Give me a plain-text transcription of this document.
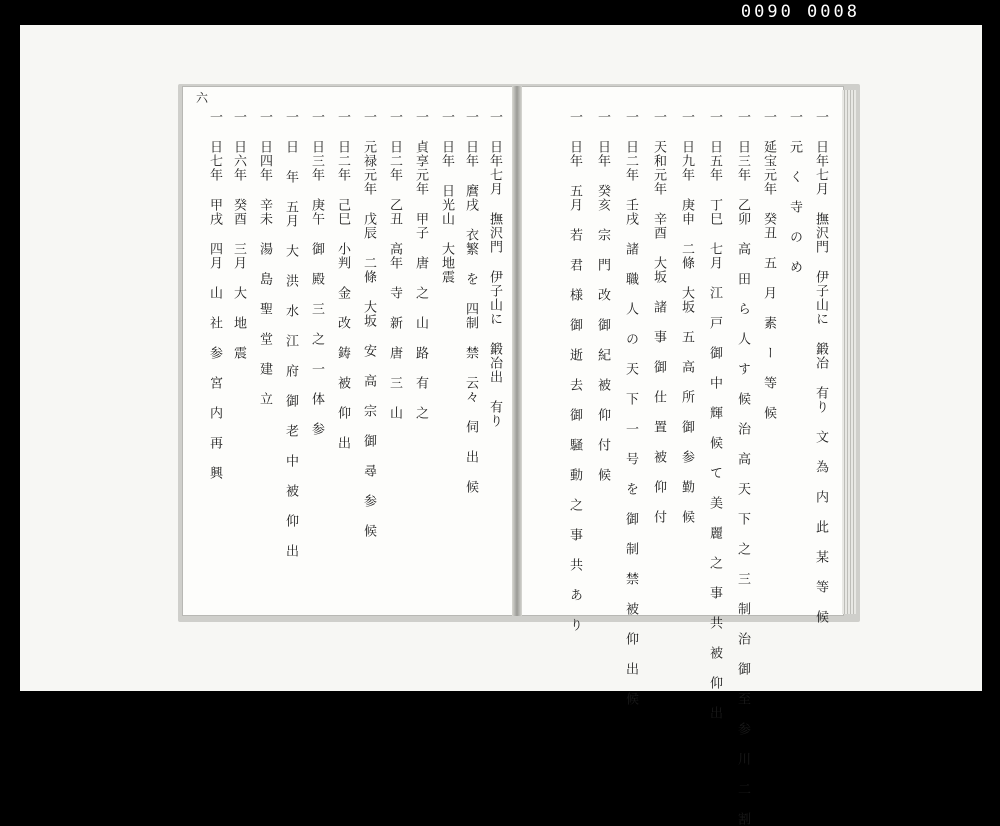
0090 0008
六
一 日年七月 撫沢門 伊子山に 鍛冶出 有り
一 日年 麿戌 衣繁 を 四制 禁 云々 伺 出 候
一 日年 日光山 大地震
一 貞享元年 甲子 唐 之 山 路 有 之
一 日二年 乙丑 高年 寺 新 唐 三 山
一 元禄元年 戊辰 二條 大坂 安 高 宗 御 尋 参 候
一 日二年 己巳 小判 金 改 鋳 被 仰 出
一 日三年 庚午 御 殿 三 之 一 体 参
一 日 年 五月 大 洪 水 江 府 御 老 中 被 仰 出
一 日四年 辛未 湯 島 聖 堂 建 立
一 日六年 癸酉 三月 大 地 震
一 日七年 甲戌 四月 山 社 参 宮 内 再 興	一 日年七月 撫沢門 伊子山に 鍛冶 有り 文 為 内 此 某 等 候
一 元 く 寺 の め
一 延宝元年 癸丑 五 月 素 ー 等 候
一 日三年 乙卯 高 田 ら 人 す 候 治 高 天 下 之 三 制 治 御 至 参 川 二 割
一 日五年 丁巳 七月 江 戸 御 中 輝 候 て 美 麗 之 事 共 被 仰 出
一 日九年 庚申 二條 大坂 五 高 所 御 参 勤 候
一 天和元年 辛酉 大坂 諸 事 御 仕 置 被 仰 付
一 日二年 壬戌 諸 職 人 の 天 下 一 号 を 御 制 禁 被 仰 出 候
一 日年 癸亥 宗 門 改 御 紀 被 仰 付 候
一 日年 五月 若 君 様 御 逝 去 御 騒 動 之 事 共 あ り
